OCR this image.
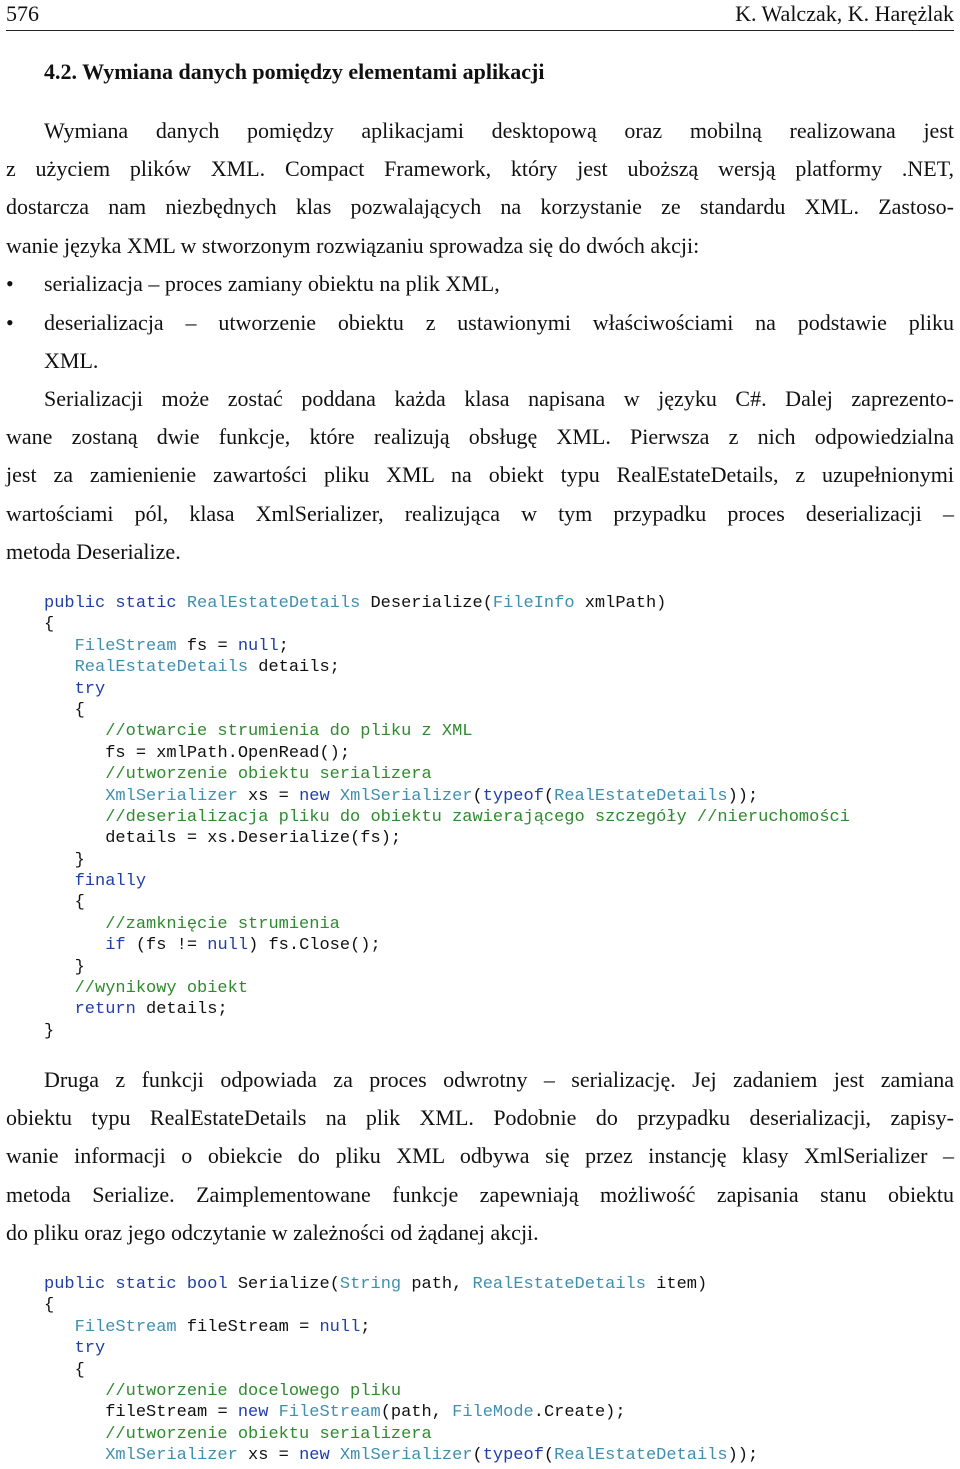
576	K. Walczak, K. Harężlak
4.2. Wymiana danych pomiędzy elementami aplikacji
Wymiana danych pomiędzy aplikacjami desktopową oraz mobilną realizowana jest
z użyciem plików XML. Compact Framework, który jest uboższą wersją platformy .NET,
dostarcza nam niezbędnych klas pozwalających na korzystanie ze standardu XML. Zastoso-
wanie języka XML w stworzonym rozwiązaniu sprowadza się do dwóch akcji:
• serializacja – proces zamiany obiektu na plik XML,
• deserializacja – utworzenie obiektu z ustawionymi właściwościami na podstawie pliku
XML.
Serializacji może zostać poddana każda klasa napisana w języku C#. Dalej zaprezento-
wane zostaną dwie funkcje, które realizują obsługę XML. Pierwsza z nich odpowiedzialna
jest za zamienienie zawartości pliku XML na obiekt typu RealEstateDetails, z uzupełnionymi
wartościami pól, klasa XmlSerializer, realizująca w tym przypadku proces deserializacji –
metoda Deserialize.
public static RealEstateDetails Deserialize(FileInfo xmlPath)
{
FileStream fs = null;
RealEstateDetails details;
try
{
//otwarcie strumienia do pliku z XML
fs = xmlPath.OpenRead();
//utworzenie obiektu serializera
XmlSerializer xs = new XmlSerializer(typeof(RealEstateDetails));
//deserializacja pliku do obiektu zawierającego szczegóły //nieruchomości
details = xs.Deserialize(fs);
}
finally
{
//zamknięcie strumienia
if (fs != null) fs.Close();
}
//wynikowy obiekt
return details;
}
Druga z funkcji odpowiada za proces odwrotny – serializację. Jej zadaniem jest zamiana
obiektu typu RealEstateDetails na plik XML. Podobnie do przypadku deserializacji, zapisy-
wanie informacji o obiekcie do pliku XML odbywa się przez instancję klasy XmlSerializer –
metoda Serialize. Zaimplementowane funkcje zapewniają możliwość zapisania stanu obiektu
do pliku oraz jego odczytanie w zależności od żądanej akcji.
public static bool Serialize(String path, RealEstateDetails item)
{
FileStream fileStream = null;
try
{
//utworzenie docelowego pliku
fileStream = new FileStream(path, FileMode.Create);
//utworzenie obiektu serializera
XmlSerializer xs = new XmlSerializer(typeof(RealEstateDetails));
